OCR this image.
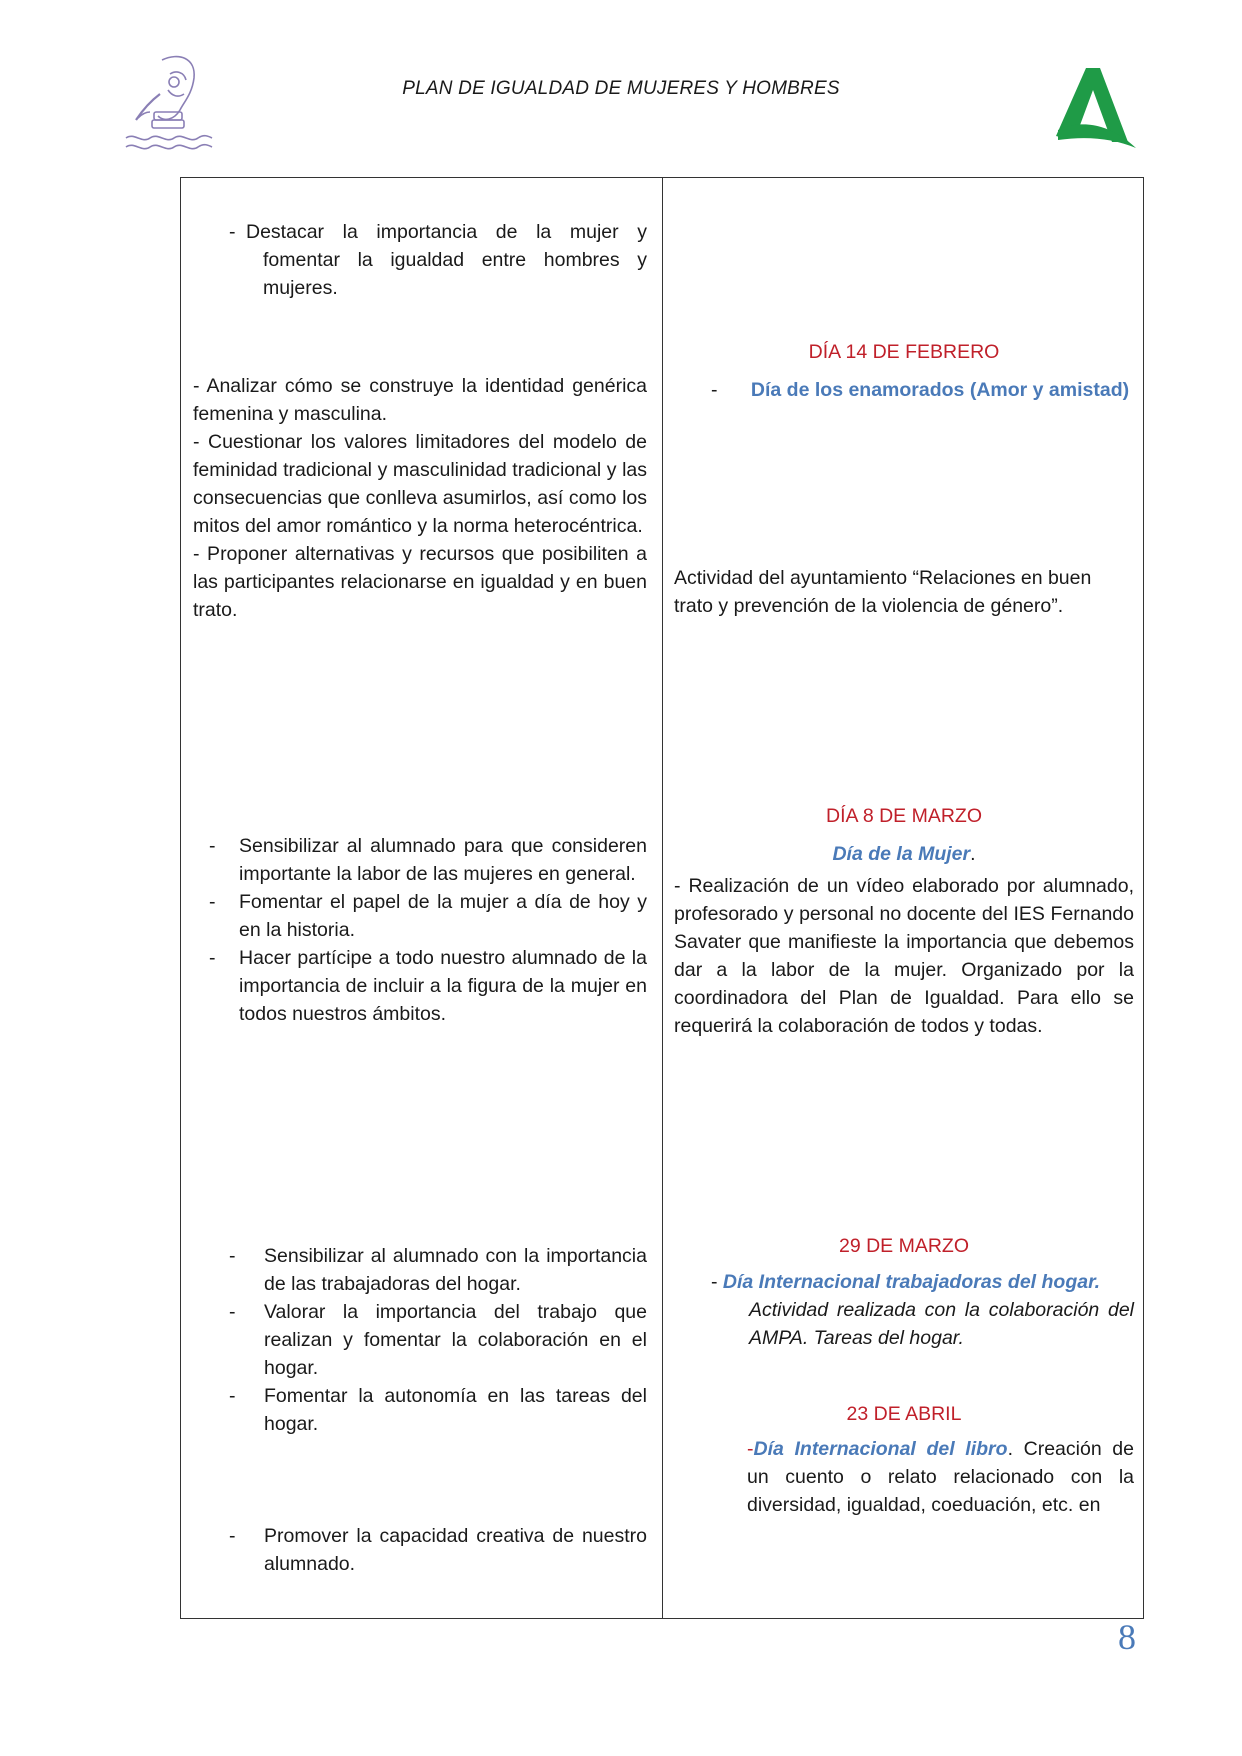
PLAN DE IGUALDAD DE MUJERES Y HOMBRES
- Destacar la importancia de la mujer y fomentar la igualdad entre hombres y mujeres.
- Analizar cómo se construye la identidad genérica femenina y masculina.
- Cuestionar los valores limitadores del modelo de feminidad tradicional y masculinidad tradicional y las consecuencias que conlleva asumirlos, así como los mitos del amor romántico y la norma heterocéntrica.
- Proponer alternativas y recursos que posibiliten a las participantes relacionarse en igualdad y en buen trato.
- Sensibilizar al alumnado para que consideren importante la labor de las mujeres en general.
- Fomentar el papel de la mujer a día de hoy y en la historia.
- Hacer partícipe a todo nuestro alumnado de la importancia de incluir a la figura de la mujer en todos nuestros ámbitos.
- Sensibilizar al alumnado con la importancia de las trabajadoras del hogar.
- Valorar la importancia del trabajo que realizan y fomentar la colaboración en el hogar.
- Fomentar la autonomía en las tareas del hogar.
- Promover la capacidad creativa de nuestro alumnado.
DÍA 14 DE FEBRERO
- Día de los enamorados (Amor y amistad)
Actividad del ayuntamiento “Relaciones en buen trato y prevención de la violencia de género”.
DÍA 8 DE MARZO
Día de la Mujer.
- Realización de un vídeo elaborado por alumnado, profesorado y personal no docente del IES Fernando Savater que manifieste la importancia que debemos dar a la labor de la mujer. Organizado por la coordinadora del Plan de Igualdad. Para ello se requerirá la colaboración de todos y todas.
29 DE MARZO
- Día Internacional trabajadoras del hogar.
Actividad realizada con la colaboración del AMPA. Tareas del hogar.
23 DE ABRIL
-Día Internacional del libro. Creación de un cuento o relato relacionado con la diversidad, igualdad, coeduación, etc. en
8
